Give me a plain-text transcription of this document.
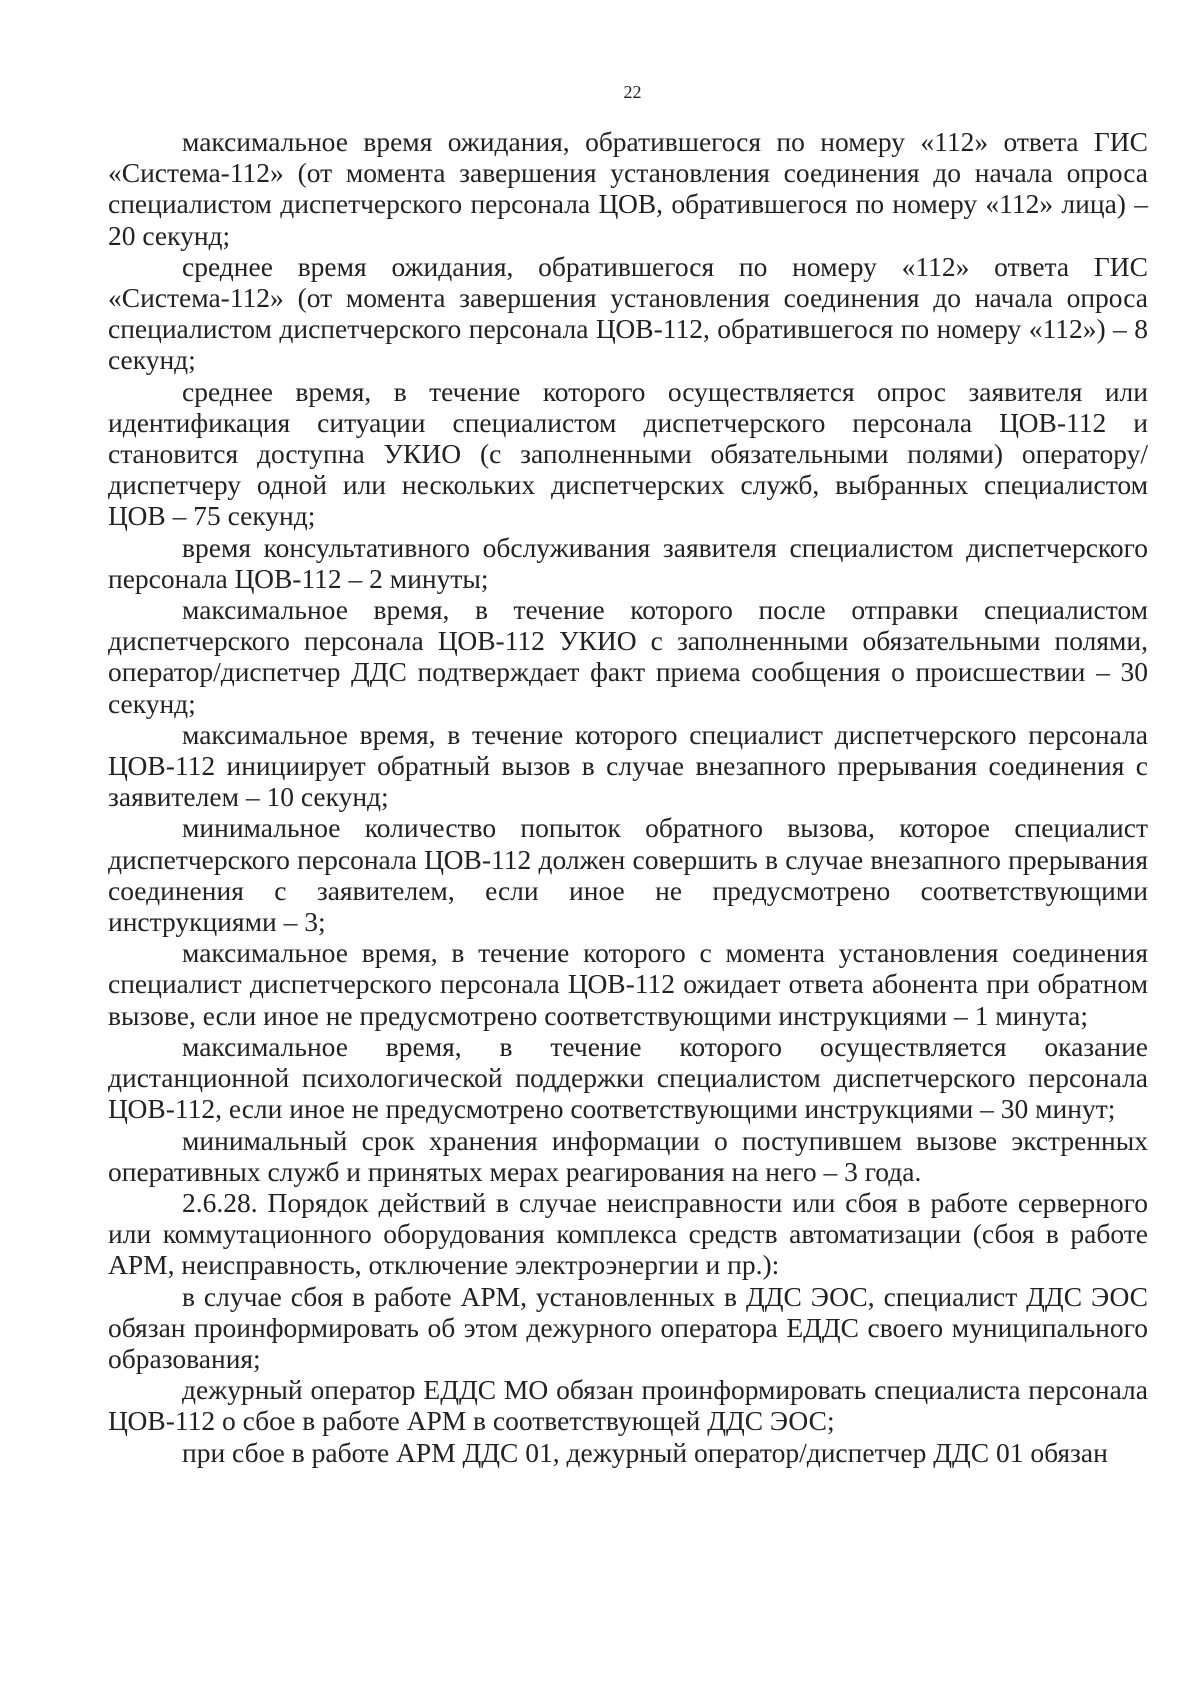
22

максимальное время ожидания, обратившегося по номеру «112» ответа ГИС «Система-112» (от момента завершения установления соединения до начала опроса специалистом диспетчерского персонала ЦОВ, обратившегося по номеру «112» лица) – 20 секунд;

среднее время ожидания, обратившегося по номеру «112» ответа ГИС «Система-112» (от момента завершения установления соединения до начала опроса специалистом диспетчерского персонала ЦОВ-112, обратившегося по номеру «112») – 8 секунд;

среднее время, в течение которого осуществляется опрос заявителя или идентификация ситуации специалистом диспетчерского персонала ЦОВ-112 и становится доступна УКИО (с заполненными обязательными полями) оператору/диспетчеру одной или нескольких диспетчерских служб, выбранных специалистом ЦОВ – 75 секунд;

время консультативного обслуживания заявителя специалистом диспетчерского персонала ЦОВ-112 – 2 минуты;

максимальное время, в течение которого после отправки специалистом диспетчерского персонала ЦОВ-112 УКИО с заполненными обязательными полями, оператор/диспетчер ДДС подтверждает факт приема сообщения о происшествии – 30 секунд;

максимальное время, в течение которого специалист диспетчерского персонала ЦОВ-112 инициирует обратный вызов в случае внезапного прерывания соединения с заявителем – 10 секунд;

минимальное количество попыток обратного вызова, которое специалист диспетчерского персонала ЦОВ-112 должен совершить в случае внезапного прерывания соединения с заявителем, если иное не предусмотрено соответствующими инструкциями – 3;

максимальное время, в течение которого с момента установления соединения специалист диспетчерского персонала ЦОВ-112 ожидает ответа абонента при обратном вызове, если иное не предусмотрено соответствующими инструкциями – 1 минута;

максимальное время, в течение которого осуществляется оказание дистанционной психологической поддержки специалистом диспетчерского персонала ЦОВ-112, если иное не предусмотрено соответствующими инструкциями – 30 минут;

минимальный срок хранения информации о поступившем вызове экстренных оперативных служб и принятых мерах реагирования на него – 3 года.

2.6.28. Порядок действий в случае неисправности или сбоя в работе серверного или коммутационного оборудования комплекса средств автоматизации (сбоя в работе АРМ, неисправность, отключение электроэнергии и пр.):

в случае сбоя в работе АРМ, установленных в ДДС ЭОС, специалист ДДС ЭОС обязан проинформировать об этом дежурного оператора ЕДДС своего муниципального образования;

дежурный оператор ЕДДС МО обязан проинформировать специалиста персонала ЦОВ-112 о сбое в работе АРМ в соответствующей ДДС ЭОС;

при сбое в работе АРМ ДДС 01, дежурный оператор/диспетчер ДДС 01 обязан
